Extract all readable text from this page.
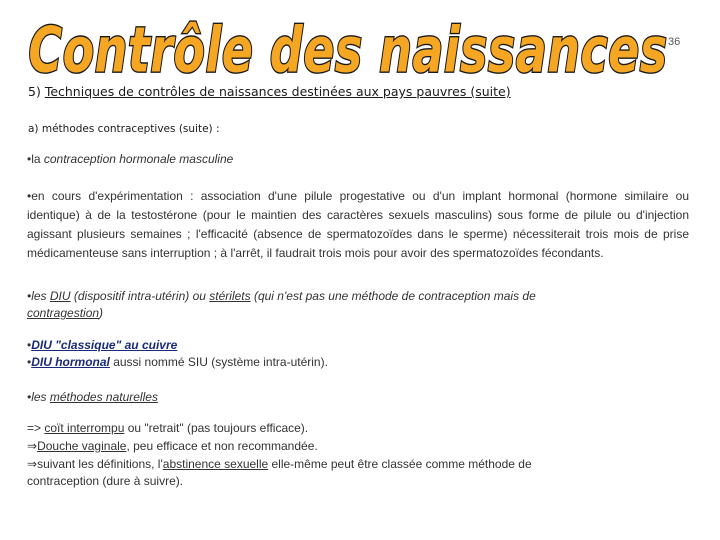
Contrôle des naissances 36
5) Techniques de contrôles de naissances destinées aux pays pauvres (suite)
a) méthodes contraceptives (suite) :
•la contraception hormonale masculine
•en cours d'expérimentation : association d'une pilule progestative ou d'un implant hormonal (hormone similaire ou identique) à de la testostérone (pour le maintien des caractères sexuels masculins) sous forme de pilule ou d'injection agissant plusieurs semaines ; l'efficacité (absence de spermatozoïdes dans le sperme) nécessiterait trois mois de prise médicamenteuse sans interruption ; à l'arrêt, il faudrait trois mois pour avoir des spermatozoïdes fécondants.
•les DIU (dispositif intra-utérin) ou stérilets (qui n'est pas une méthode de contraception mais de
contragestion)
•DIU "classique" au cuivre
•DIU hormonal aussi nommé SIU (système intra-utérin).
•les méthodes naturelles
=> coït interrompu ou "retrait" (pas toujours efficace).
⇒Douche vaginale, peu efficace et non recommandée.
⇒suivant les définitions, l'abstinence sexuelle elle-même peut être classée comme méthode de
contraception (dure à suivre).
